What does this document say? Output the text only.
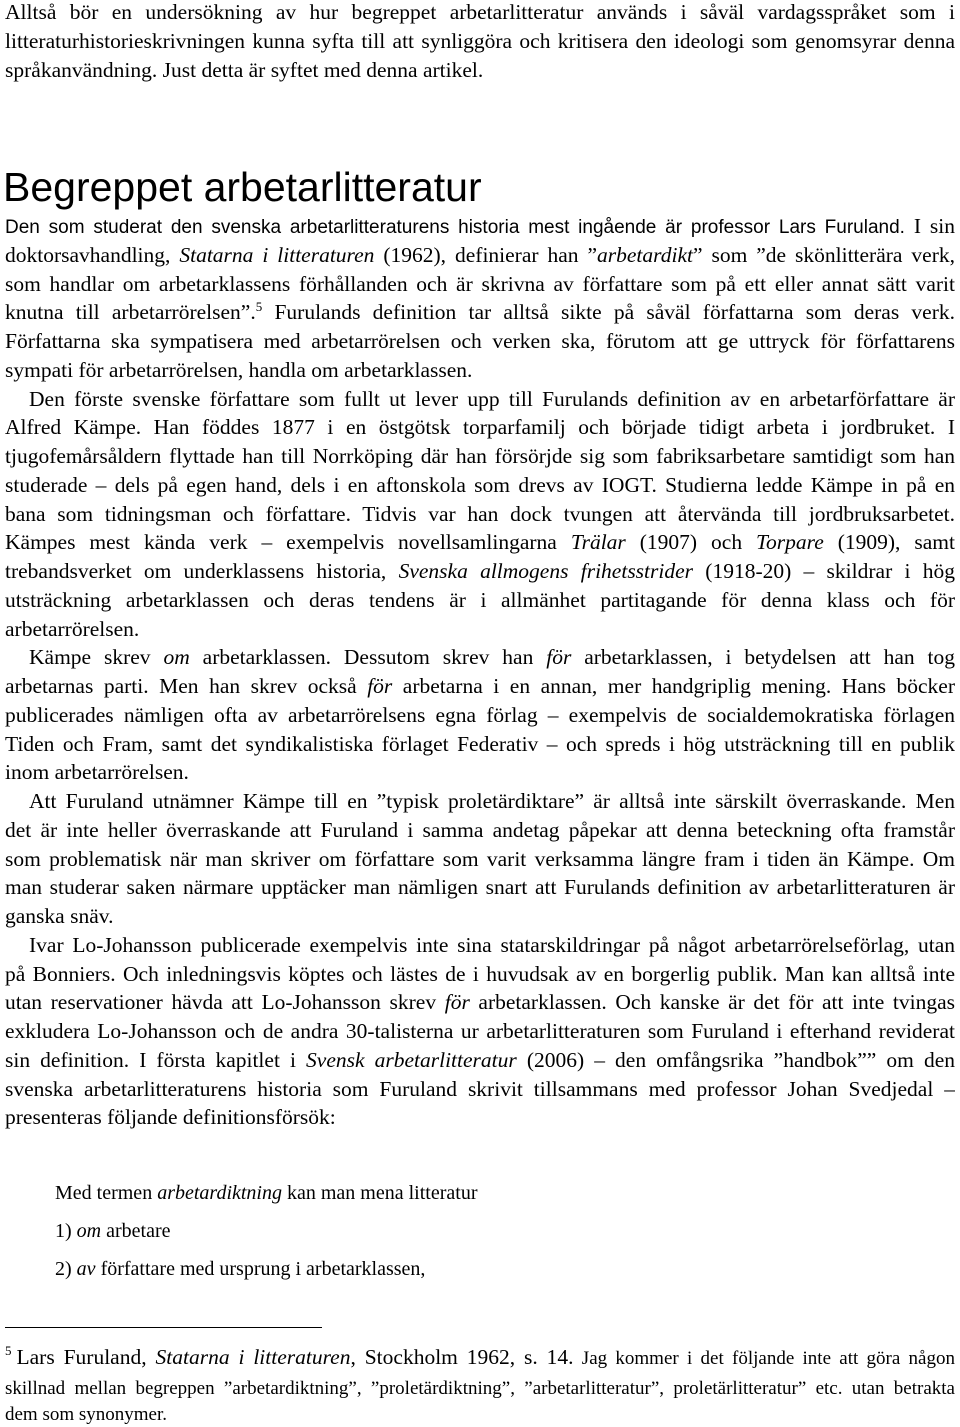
Alltså bör en undersökning av hur begreppet arbetarlitteratur används i såväl vardagsspråket som i
litteraturhistorieskrivningen kunna syfta till att synliggöra och kritisera den ideologi som genomsyrar denna
språkanvändning. Just detta är syftet med denna artikel.
Begreppet arbetarlitteratur
Den som studerat den svenska arbetarlitteraturens historia mest ingående är professor Lars Furuland. I sin
doktorsavhandling, Statarna i litteraturen (1962), definierar han ”arbetardikt” som ”de skönlitterära verk,
som handlar om arbetarklassens förhållanden och är skrivna av författare som på ett eller annat sätt varit
knutna till arbetarrörelsen”.$^5$ Furulands definition tar alltså sikte på såväl författarna som deras verk.
Författarna ska sympatisera med arbetarrörelsen och verken ska, förutom att ge uttryck för författarens
sympati för arbetarrörelsen, handla om arbetarklassen.
Den förste svenske författare som fullt ut lever upp till Furulands definition av en arbetarförfattare är
Alfred Kämpe. Han föddes 1877 i en östgötsk torparfamilj och började tidigt arbeta i jordbruket. I
tjugofemårsåldern flyttade han till Norrköping där han försörjde sig som fabriksarbetare samtidigt som han
studerade – dels på egen hand, dels i en aftonskola som drevs av IOGT. Studierna ledde Kämpe in på en
bana som tidningsman och författare. Tidvis var han dock tvungen att återvända till jordbruksarbetet.
Kämpes mest kända verk – exempelvis novellsamlingarna Trälar (1907) och Torpare (1909), samt
trebandsverket om underklassens historia, Svenska allmogens frihetsstrider (1918-20) – skildrar i hög
utsträckning arbetarklassen och deras tendens är i allmänhet partitagande för denna klass och för
arbetarrörelsen.
Kämpe skrev om arbetarklassen. Dessutom skrev han för arbetarklassen, i betydelsen att han tog
arbetarnas parti. Men han skrev också för arbetarna i en annan, mer handgriplig mening. Hans böcker
publicerades nämligen ofta av arbetarrörelsens egna förlag – exempelvis de socialdemokratiska förlagen
Tiden och Fram, samt det syndikalistiska förlaget Federativ – och spreds i hög utsträckning till en publik
inom arbetarrörelsen.
Att Furuland utnämner Kämpe till en ”typisk proletärdiktare” är alltså inte särskilt överraskande. Men
det är inte heller överraskande att Furuland i samma andetag påpekar att denna beteckning ofta framstår
som problematisk när man skriver om författare som varit verksamma längre fram i tiden än Kämpe. Om
man studerar saken närmare upptäcker man nämligen snart att Furulands definition av arbetarlitteraturen är
ganska snäv.
Ivar Lo-Johansson publicerade exempelvis inte sina statarskildringar på något arbetarrörelseförlag, utan
på Bonniers. Och inledningsvis köptes och lästes de i huvudsak av en borgerlig publik. Man kan alltså inte
utan reservationer hävda att Lo-Johansson skrev för arbetarklassen. Och kanske är det för att inte tvingas
exkludera Lo-Johansson och de andra 30-talisterna ur arbetarlitteraturen som Furuland i efterhand reviderat
sin definition. I första kapitlet i Svensk arbetarlitteratur (2006) – den omfångsrika ”handbok”” om den
svenska arbetarlitteraturens historia som Furuland skrivit tillsammans med professor Johan Svedjedal –
presenteras följande definitionsförsök:
Med termen arbetardiktning kan man mena litteratur
1) om arbetare
2) av författare med ursprung i arbetarklassen,
$^5$ Lars Furuland, Statarna i litteraturen, Stockholm 1962, s. 14. Jag kommer i det följande inte att göra någon
skillnad mellan begreppen ”arbetardiktning”, ”proletärdiktning”, ”arbetarlitteratur”, proletärlitteratur” etc. utan betrakta
dem som synonymer.
